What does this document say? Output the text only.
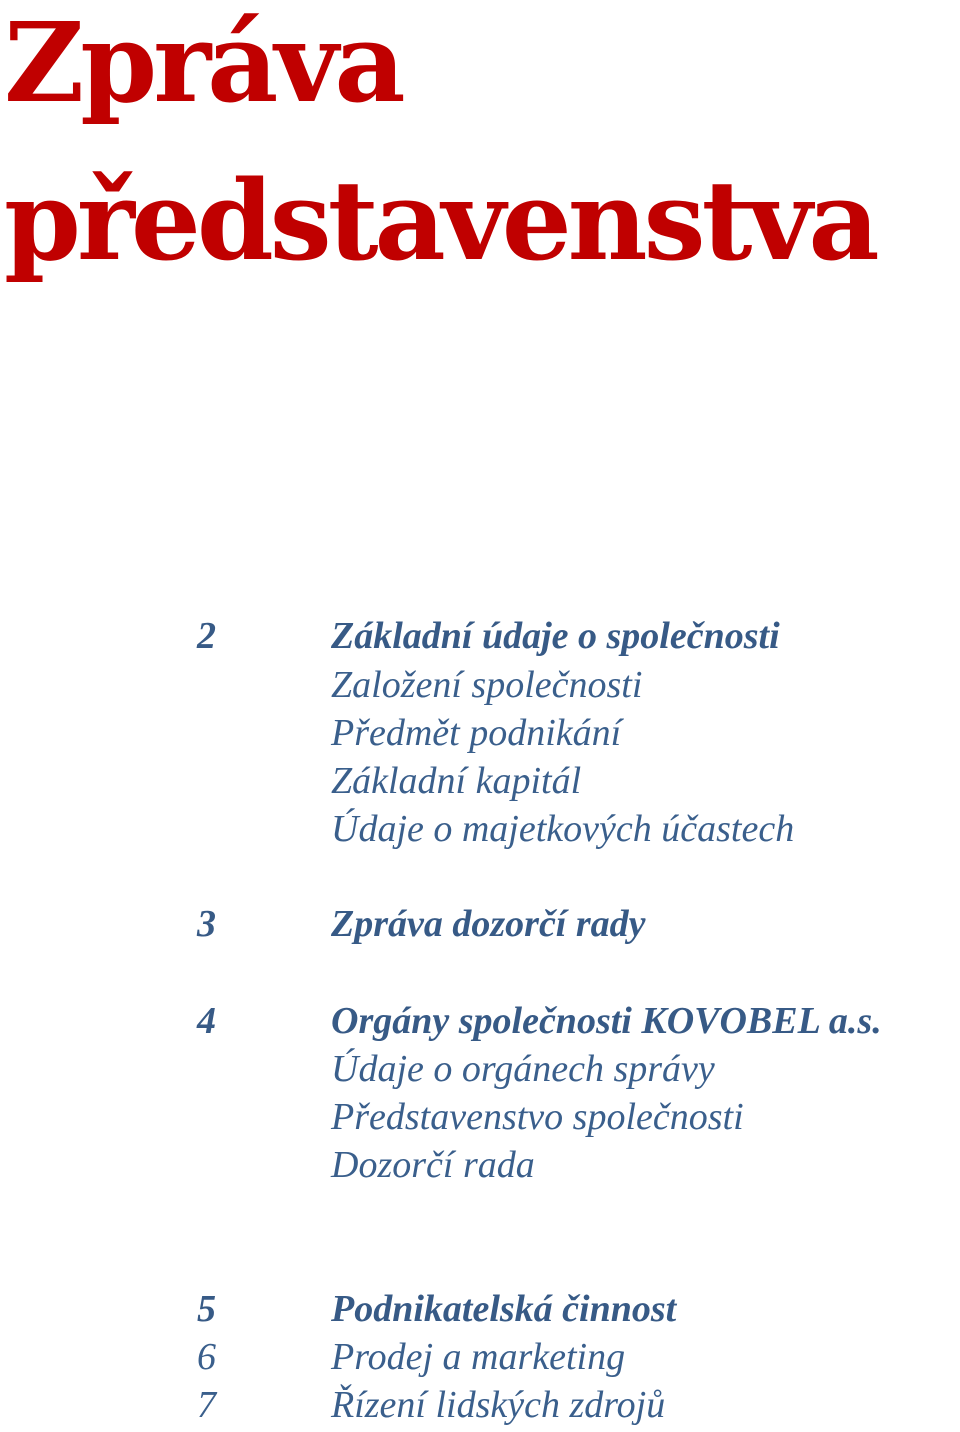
Zpráva
představenstva
2	Základní údaje o společnosti
Založení společnosti
Předmět podnikání
Základní kapitál
Údaje o majetkových účastech
3	Zpráva dozorčí rady
4	Orgány společnosti KOVOBEL a.s.
Údaje o orgánech správy
Představenstvo společnosti
Dozorčí rada
5	Podnikatelská činnost
6	Prodej a marketing
7	Řízení lidských zdrojů
